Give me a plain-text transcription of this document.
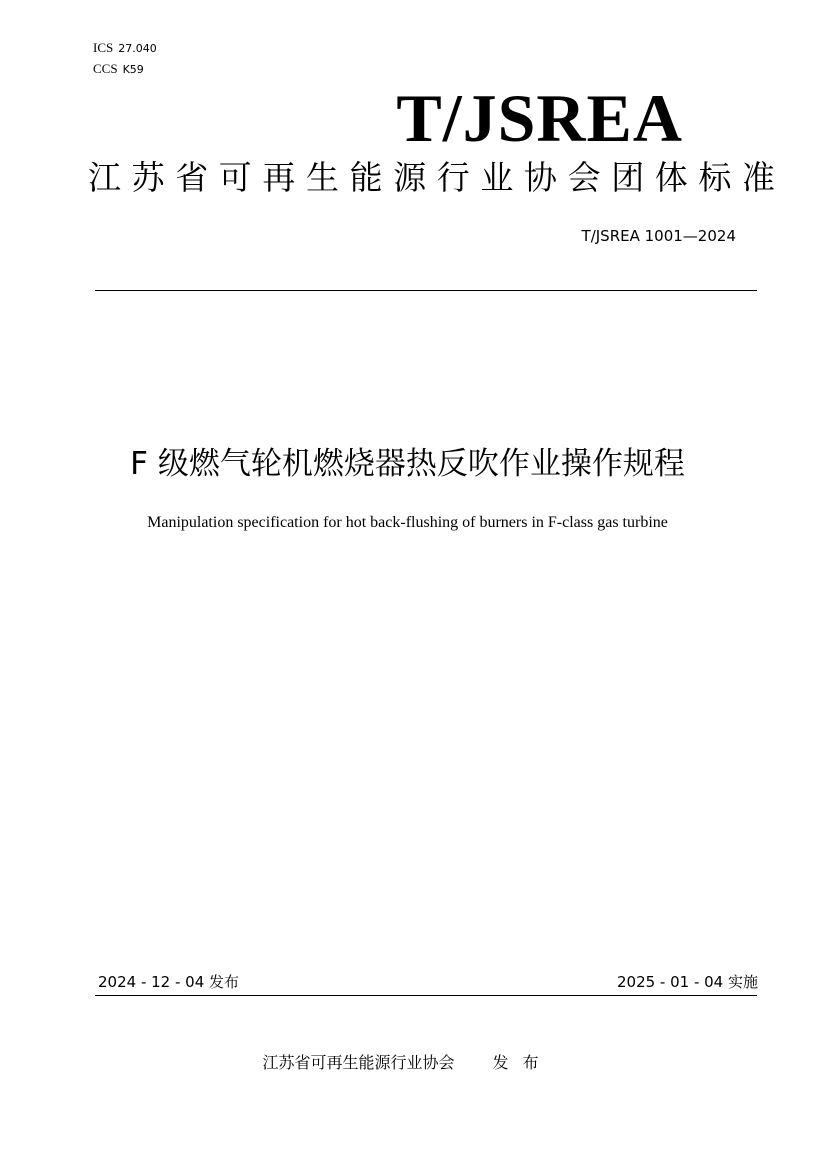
ICS 27.040
CCS K59
T/JSREA
江苏省可再生能源行业协会团体标准
T/JSREA 1001—2024
F 级燃气轮机燃烧器热反吹作业操作规程
Manipulation specification for hot back-flushing of burners in F-class gas turbine
2024 - 12 - 04 发布	2025 - 01 - 04 实施
江苏省可再生能源行业协会 发布
